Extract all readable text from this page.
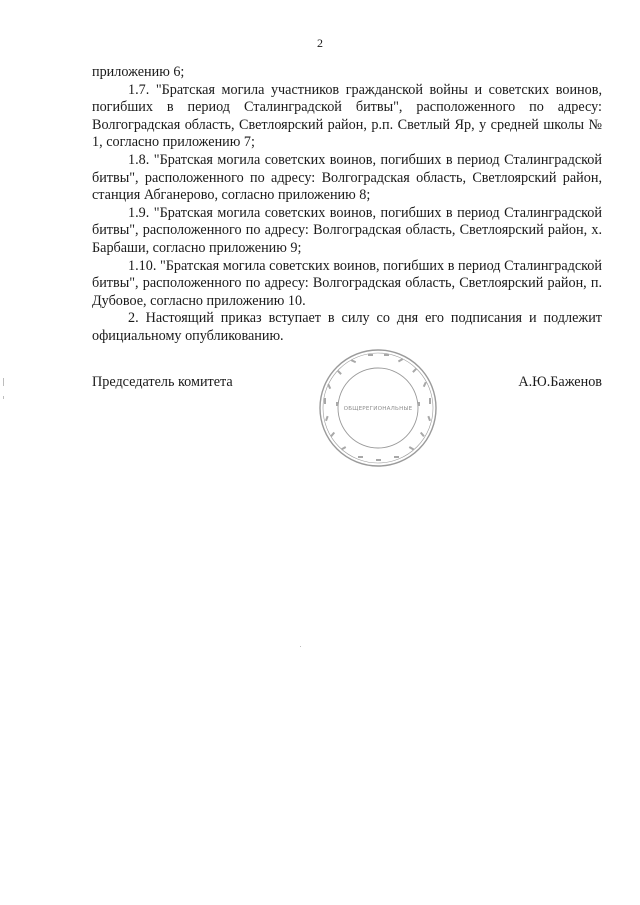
2

приложению 6;

1.7. "Братская могила участников гражданской войны и советских воинов, погибших в период Сталинградской битвы", расположенного по адресу: Волгоградская область, Светлоярский район, р.п. Светлый Яр, у средней школы № 1, согласно приложению 7;

1.8. "Братская могила советских воинов, погибших в период Сталинградской битвы", расположенного по адресу: Волгоградская область, Светлоярский район, станция Абганерово, согласно приложению 8;

1.9. "Братская могила советских воинов, погибших в период Сталинградской битвы", расположенного по адресу: Волгоградская область, Светлоярский район, х. Барбаши, согласно приложению 9;

1.10. "Братская могила советских воинов, погибших в период Сталинградской битвы", расположенного по адресу: Волгоградская область, Светлоярский район, п. Дубовое, согласно приложению 10.

2. Настоящий приказ вступает в силу со дня его подписания и подлежит официальному опубликованию.

Председатель комитета	А.Ю.Баженов
ОБЩЕРЕГИОНАЛЬНЫЕ
